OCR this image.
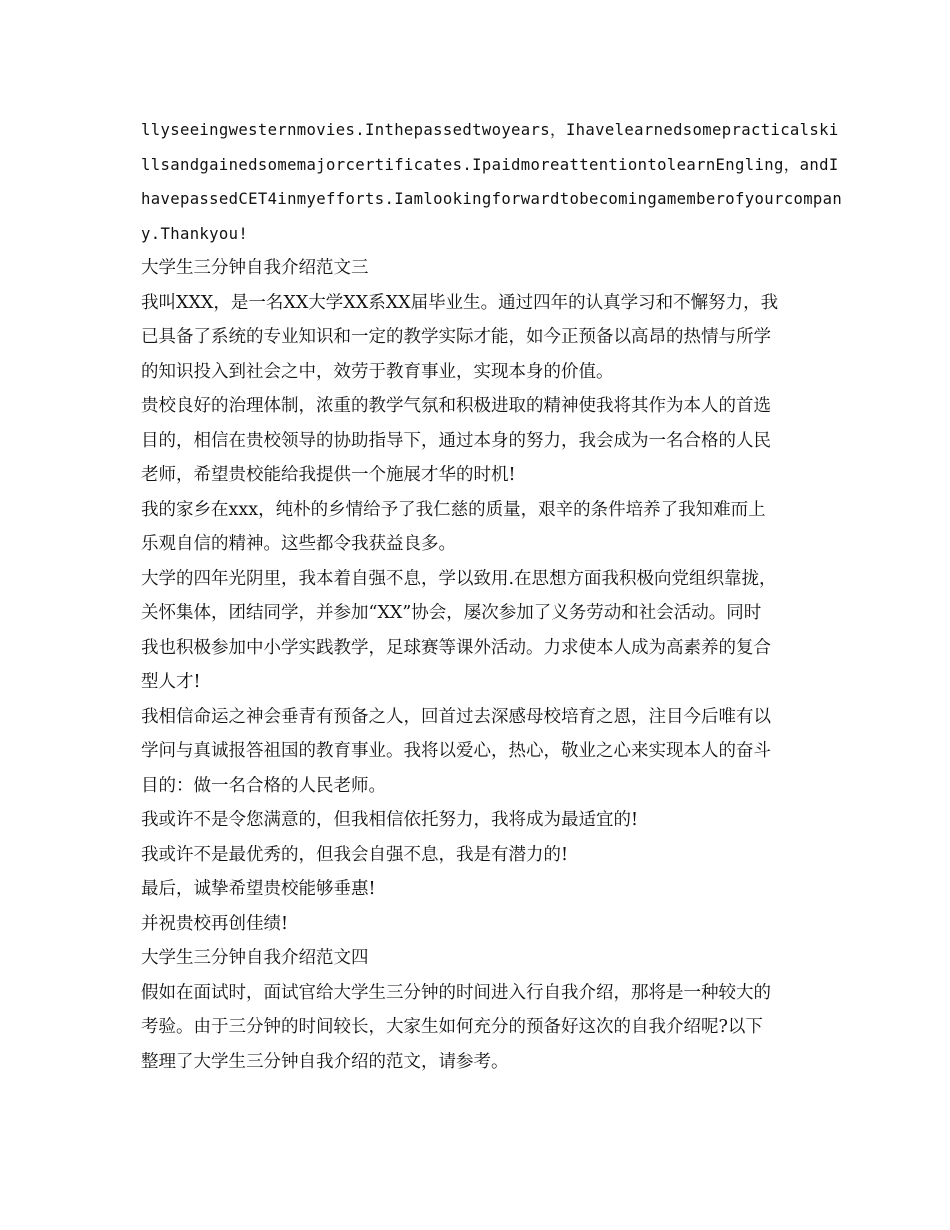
llyseeingwesternmovies.Inthepassedtwoyears，Ihavelearnedsomepracticalski
llsandgainedsomemajorcertificates.IpaidmoreattentiontolearnEngling，andI
havepassedCET4inmyefforts.Iamlookingforwardtobecomingamemberofyourcompan
y.Thankyou!
大学生三分钟自我介绍范文三
我叫XXX，是一名XX大学XX系XX届毕业生。通过四年的认真学习和不懈努力，我
已具备了系统的专业知识和一定的教学实际才能，如今正预备以高昂的热情与所学
的知识投入到社会之中，效劳于教育事业，实现本身的价值。
贵校良好的治理体制，浓重的教学气氛和积极进取的精神使我将其作为本人的首选
目的，相信在贵校领导的协助指导下，通过本身的努力，我会成为一名合格的人民
老师，希望贵校能给我提供一个施展才华的时机!
我的家乡在xxx，纯朴的乡情给予了我仁慈的质量，艰辛的条件培养了我知难而上
乐观自信的精神。这些都令我获益良多。
大学的四年光阴里，我本着自强不息，学以致用.在思想方面我积极向党组织靠拢，
关怀集体，团结同学，并参加“XX”协会，屡次参加了义务劳动和社会活动。同时
我也积极参加中小学实践教学，足球赛等课外活动。力求使本人成为高素养的复合
型人才!
我相信命运之神会垂青有预备之人，回首过去深感母校培育之恩，注目今后唯有以
学问与真诚报答祖国的教育事业。我将以爱心，热心，敬业之心来实现本人的奋斗
目的：做一名合格的人民老师。
我或许不是令您满意的，但我相信依托努力，我将成为最适宜的!
我或许不是最优秀的，但我会自强不息，我是有潜力的!
最后，诚挚希望贵校能够垂惠!
并祝贵校再创佳绩!
大学生三分钟自我介绍范文四
假如在面试时，面试官给大学生三分钟的时间进入行自我介绍，那将是一种较大的
考验。由于三分钟的时间较长，大家生如何充分的预备好这次的自我介绍呢?以下
整理了大学生三分钟自我介绍的范文，请参考。
